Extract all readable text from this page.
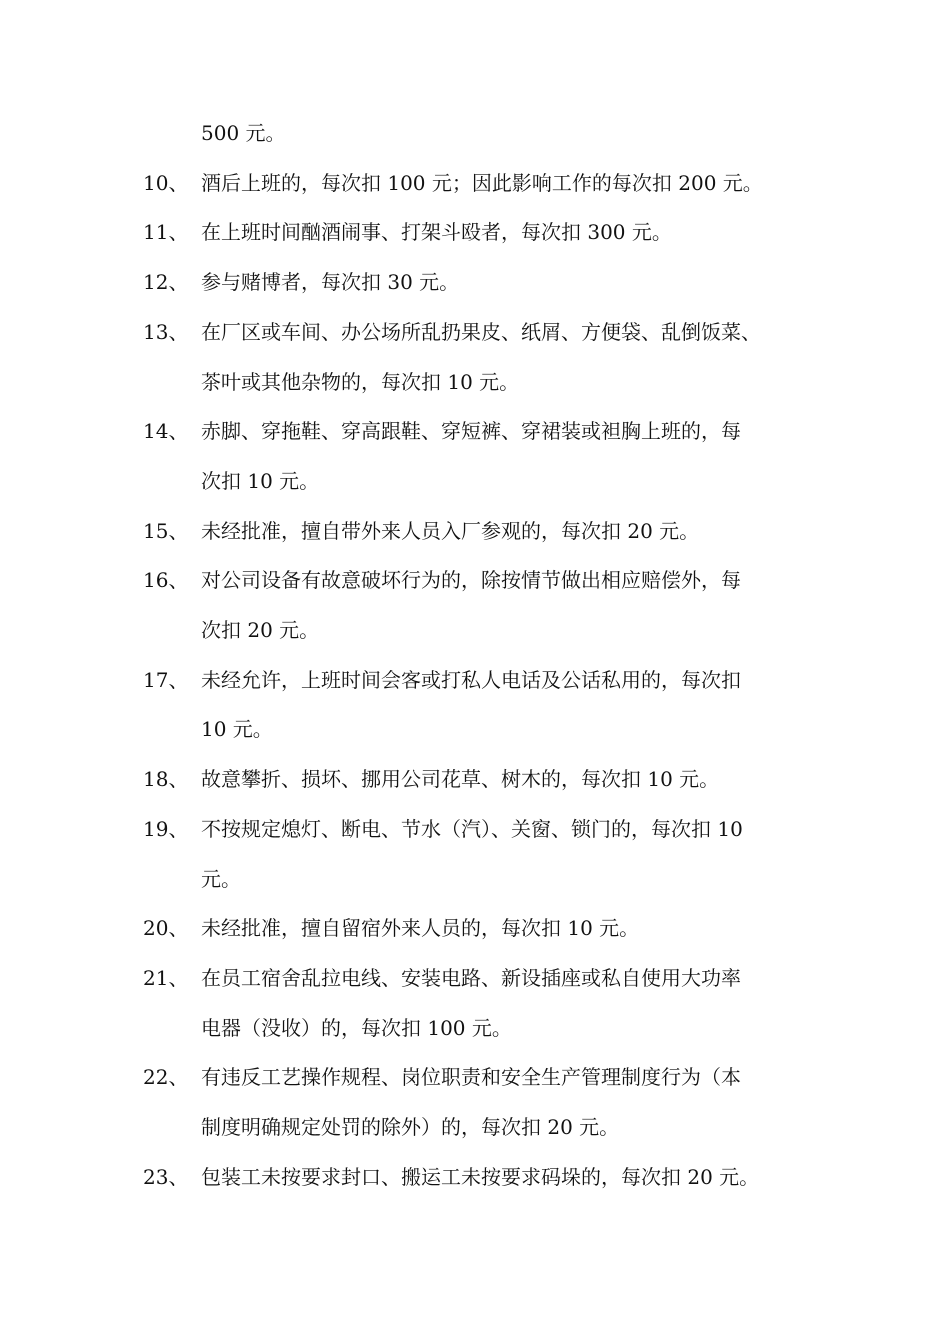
500 元。
10、 酒后上班的，每次扣 100 元；因此影响工作的每次扣 200 元。
11、 在上班时间酗酒闹事、打架斗殴者，每次扣 300 元。
12、 参与赌博者，每次扣 30 元。
13、 在厂区或车间、办公场所乱扔果皮、纸屑、方便袋、乱倒饭菜、
茶叶或其他杂物的，每次扣 10 元。
14、 赤脚、穿拖鞋、穿高跟鞋、穿短裤、穿裙装或袒胸上班的，每
次扣 10 元。
15、 未经批准，擅自带外来人员入厂参观的，每次扣 20 元。
16、 对公司设备有故意破坏行为的，除按情节做出相应赔偿外，每
次扣 20 元。
17、 未经允许，上班时间会客或打私人电话及公话私用的，每次扣
10 元。
18、 故意攀折、损坏、挪用公司花草、树木的，每次扣 10 元。
19、 不按规定熄灯、断电、节水（汽）、关窗、锁门的，每次扣 10
元。
20、 未经批准，擅自留宿外来人员的，每次扣 10 元。
21、 在员工宿舍乱拉电线、安装电路、新设插座或私自使用大功率
电器（没收）的，每次扣 100 元。
22、 有违反工艺操作规程、岗位职责和安全生产管理制度行为（本
制度明确规定处罚的除外）的，每次扣 20 元。
23、 包装工未按要求封口、搬运工未按要求码垛的，每次扣 20 元。
